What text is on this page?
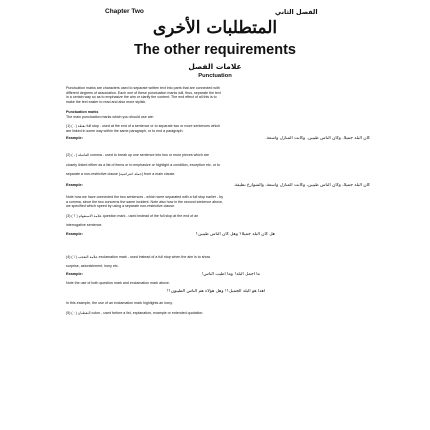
Chapter Two	الفصل الثاني
المتطلبات الأخرى
The other requirements
علامات الفصل
Punctuation
Punctuation marks are characters used to separate written text into parts that are connected with
different degrees of association. Each one of these punctuation marks will, thus, separate the text
in a certain way so as to emphasize the aim or clarify the content. The end effect of all this is to
make the text easier to read and also more stylish.
Punctuation marks
The main punctuation marks which you should use are:
(1) ( . ) نقطة full stop - used at the end of a sentence or to separate two or more sentences which
are linked in some way within the same paragraph, or to end a paragraph.
Example:	كان البلد جميلاً. وكان الناس طيبين. وكانت المنازل واسعة.
(2) ( ، ) الفاصلة comma - used to break up one sentence into two or more pieces which are
closely linked either as a list of items or to emphasize or highlight a condition, exception etc. or to
separate a non-restrictive clause (جملة اعتراضية) from a main clause.
Example:	كان البلد جميلاً، وكان الناس طيبين، وكانت المنازل واسعة، والشوارع نظيفة.
Note how we have connected the two sentences - which were separated with a full stop earlier - by
a comma, since the two concerns the same incident. Note also how in the second sentence above,
we specified which speed by using a separate non-restrictive clause.
(3) ( ؟ ) علامة الاستفهام question mark - used instead of the full stop at the end of an
interrogative sentence.
Example:	هل كان البلد جميلاً؟ وهل كان الناس طيبين؟
(4) ( ! ) علامة التعجب exclamation mark - used instead of a full stop when the aim is to show
surprise, astonishment, irony etc.
Example:	ما أجمل البلد! وما أطيب الناس!
Note the use of both question mark and exclamation mark above.
أهذا هو البلد الجميل؟! وهل هؤلاء هم الناس الطيبون؟!
In this example, the use of an exclamation mark highlights an irony.
(5) ( : ) النقطتان colon - used before a list, explanation, example or extended quotation.
